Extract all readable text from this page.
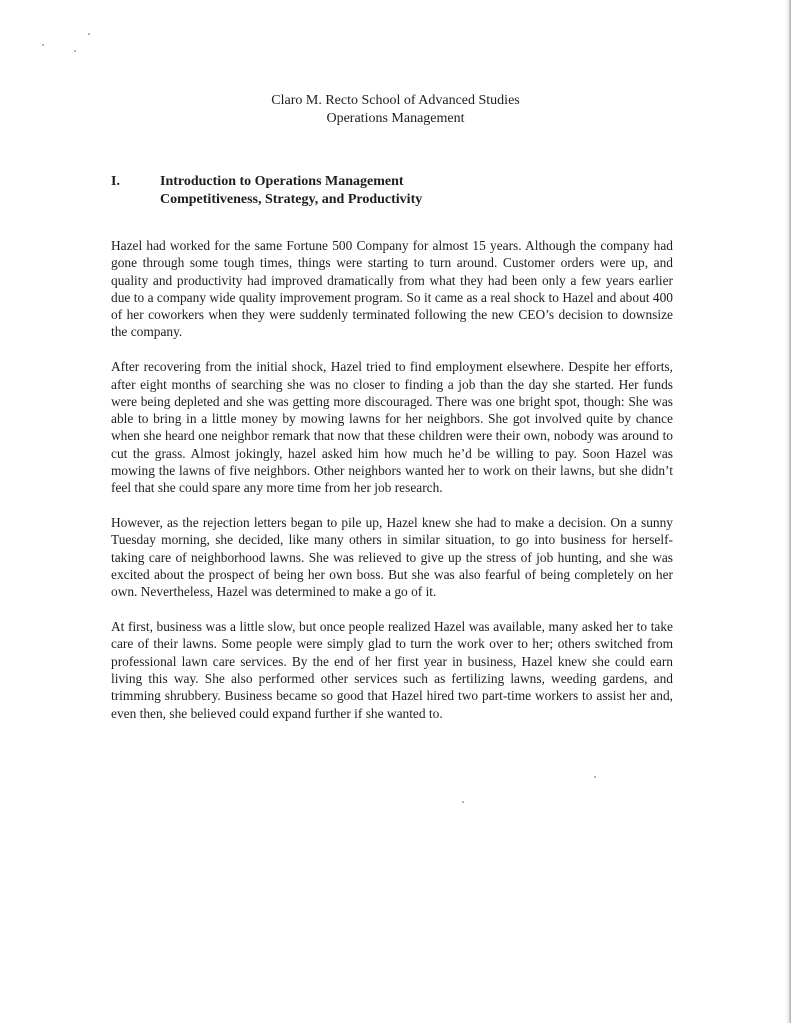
Claro M. Recto School of Advanced Studies
Operations Management
I.	Introduction to Operations Management
Competitiveness, Strategy, and Productivity

Hazel had worked for the same Fortune 500 Company for almost 15 years. Although the company had gone through some tough times, things were starting to turn around. Customer orders were up, and quality and productivity had improved dramatically from what they had been only a few years earlier due to a company wide quality improvement program. So it came as a real shock to Hazel and about 400 of her coworkers when they were suddenly terminated following the new CEO’s decision to downsize the company.

After recovering from the initial shock, Hazel tried to find employment elsewhere. Despite her efforts, after eight months of searching she was no closer to finding a job than the day she started. Her funds were being depleted and she was getting more discouraged. There was one bright spot, though: She was able to bring in a little money by mowing lawns for her neighbors. She got involved quite by chance when she heard one neighbor remark that now that these children were their own, nobody was around to cut the grass. Almost jokingly, hazel asked him how much he’d be willing to pay. Soon Hazel was mowing the lawns of five neighbors. Other neighbors wanted her to work on their lawns, but she didn’t feel that she could spare any more time from her job research.

However, as the rejection letters began to pile up, Hazel knew she had to make a decision. On a sunny Tuesday morning, she decided, like many others in similar situation, to go into business for herself- taking care of neighborhood lawns. She was relieved to give up the stress of job hunting, and she was excited about the prospect of being her own boss. But she was also fearful of being completely on her own. Nevertheless, Hazel was determined to make a go of it.

At first, business was a little slow, but once people realized Hazel was available, many asked her to take care of their lawns. Some people were simply glad to turn the work over to her; others switched from professional lawn care services. By the end of her first year in business, Hazel knew she could earn living this way. She also performed other services such as fertilizing lawns, weeding gardens, and trimming shrubbery. Business became so good that Hazel hired two part-time workers to assist her and, even then, she believed could expand further if she wanted to.
